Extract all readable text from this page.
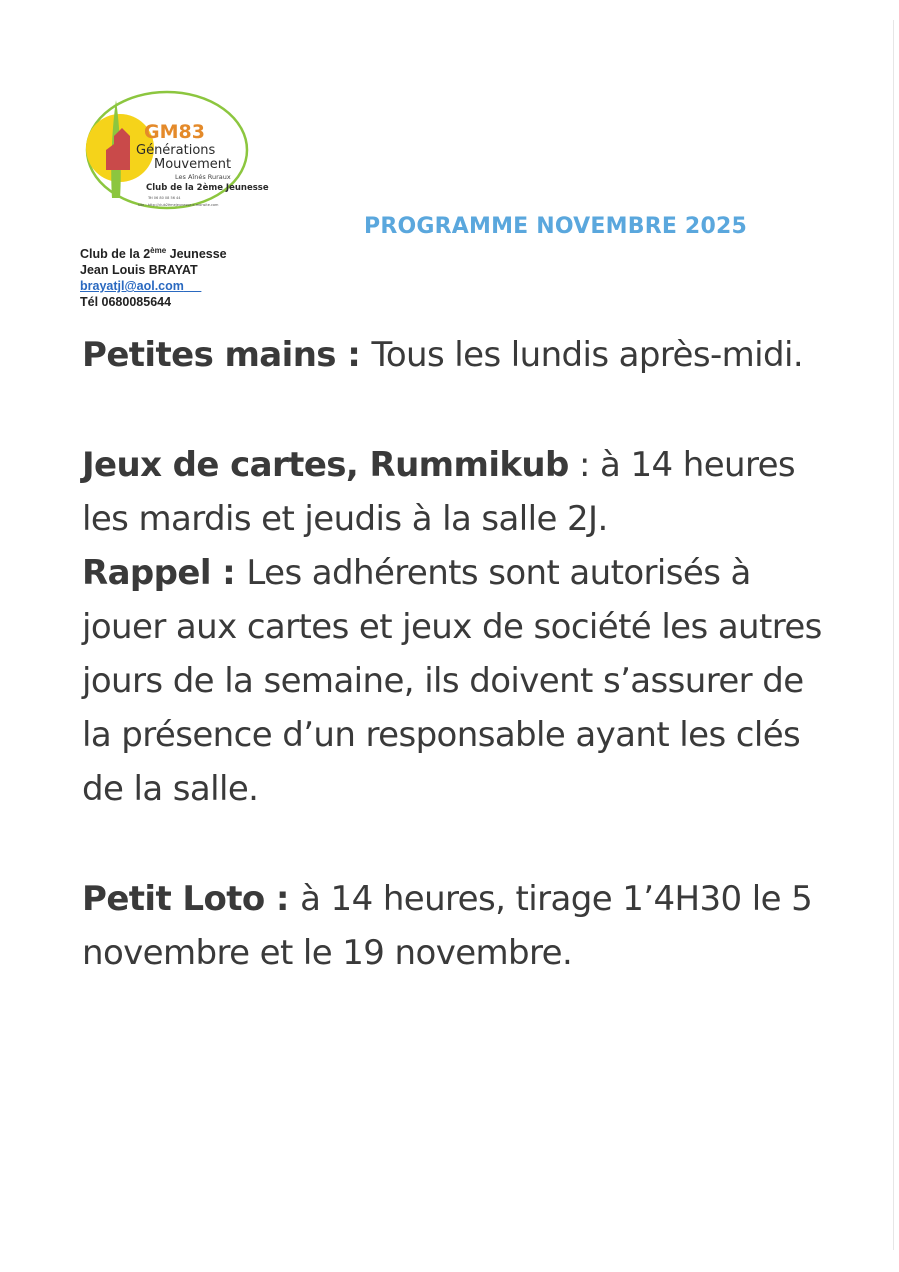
GM83
Générations
Mouvement
Les Aînés Ruraux
Club de la 2ème Jeunesse
Tél 06 80 08 56 44
site : http://club2èmejeunesse.e-monsite.com
PROGRAMME NOVEMBRE 2025
Club de la 2ème Jeunesse
Jean Louis BRAYAT
brayatjl@aol.com
Tél 0680085644

Petites mains : Tous les lundis après-midi.

Jeux de cartes, Rummikub : à 14 heures les mardis et jeudis à la salle 2J.

Rappel : Les adhérents sont autorisés à jouer aux cartes et jeux de société les autres jours de la semaine, ils doivent s’assurer de la présence d’un responsable ayant les clés de la salle.

Petit Loto : à 14 heures, tirage 1’4H30 le 5 novembre et le 19 novembre.
